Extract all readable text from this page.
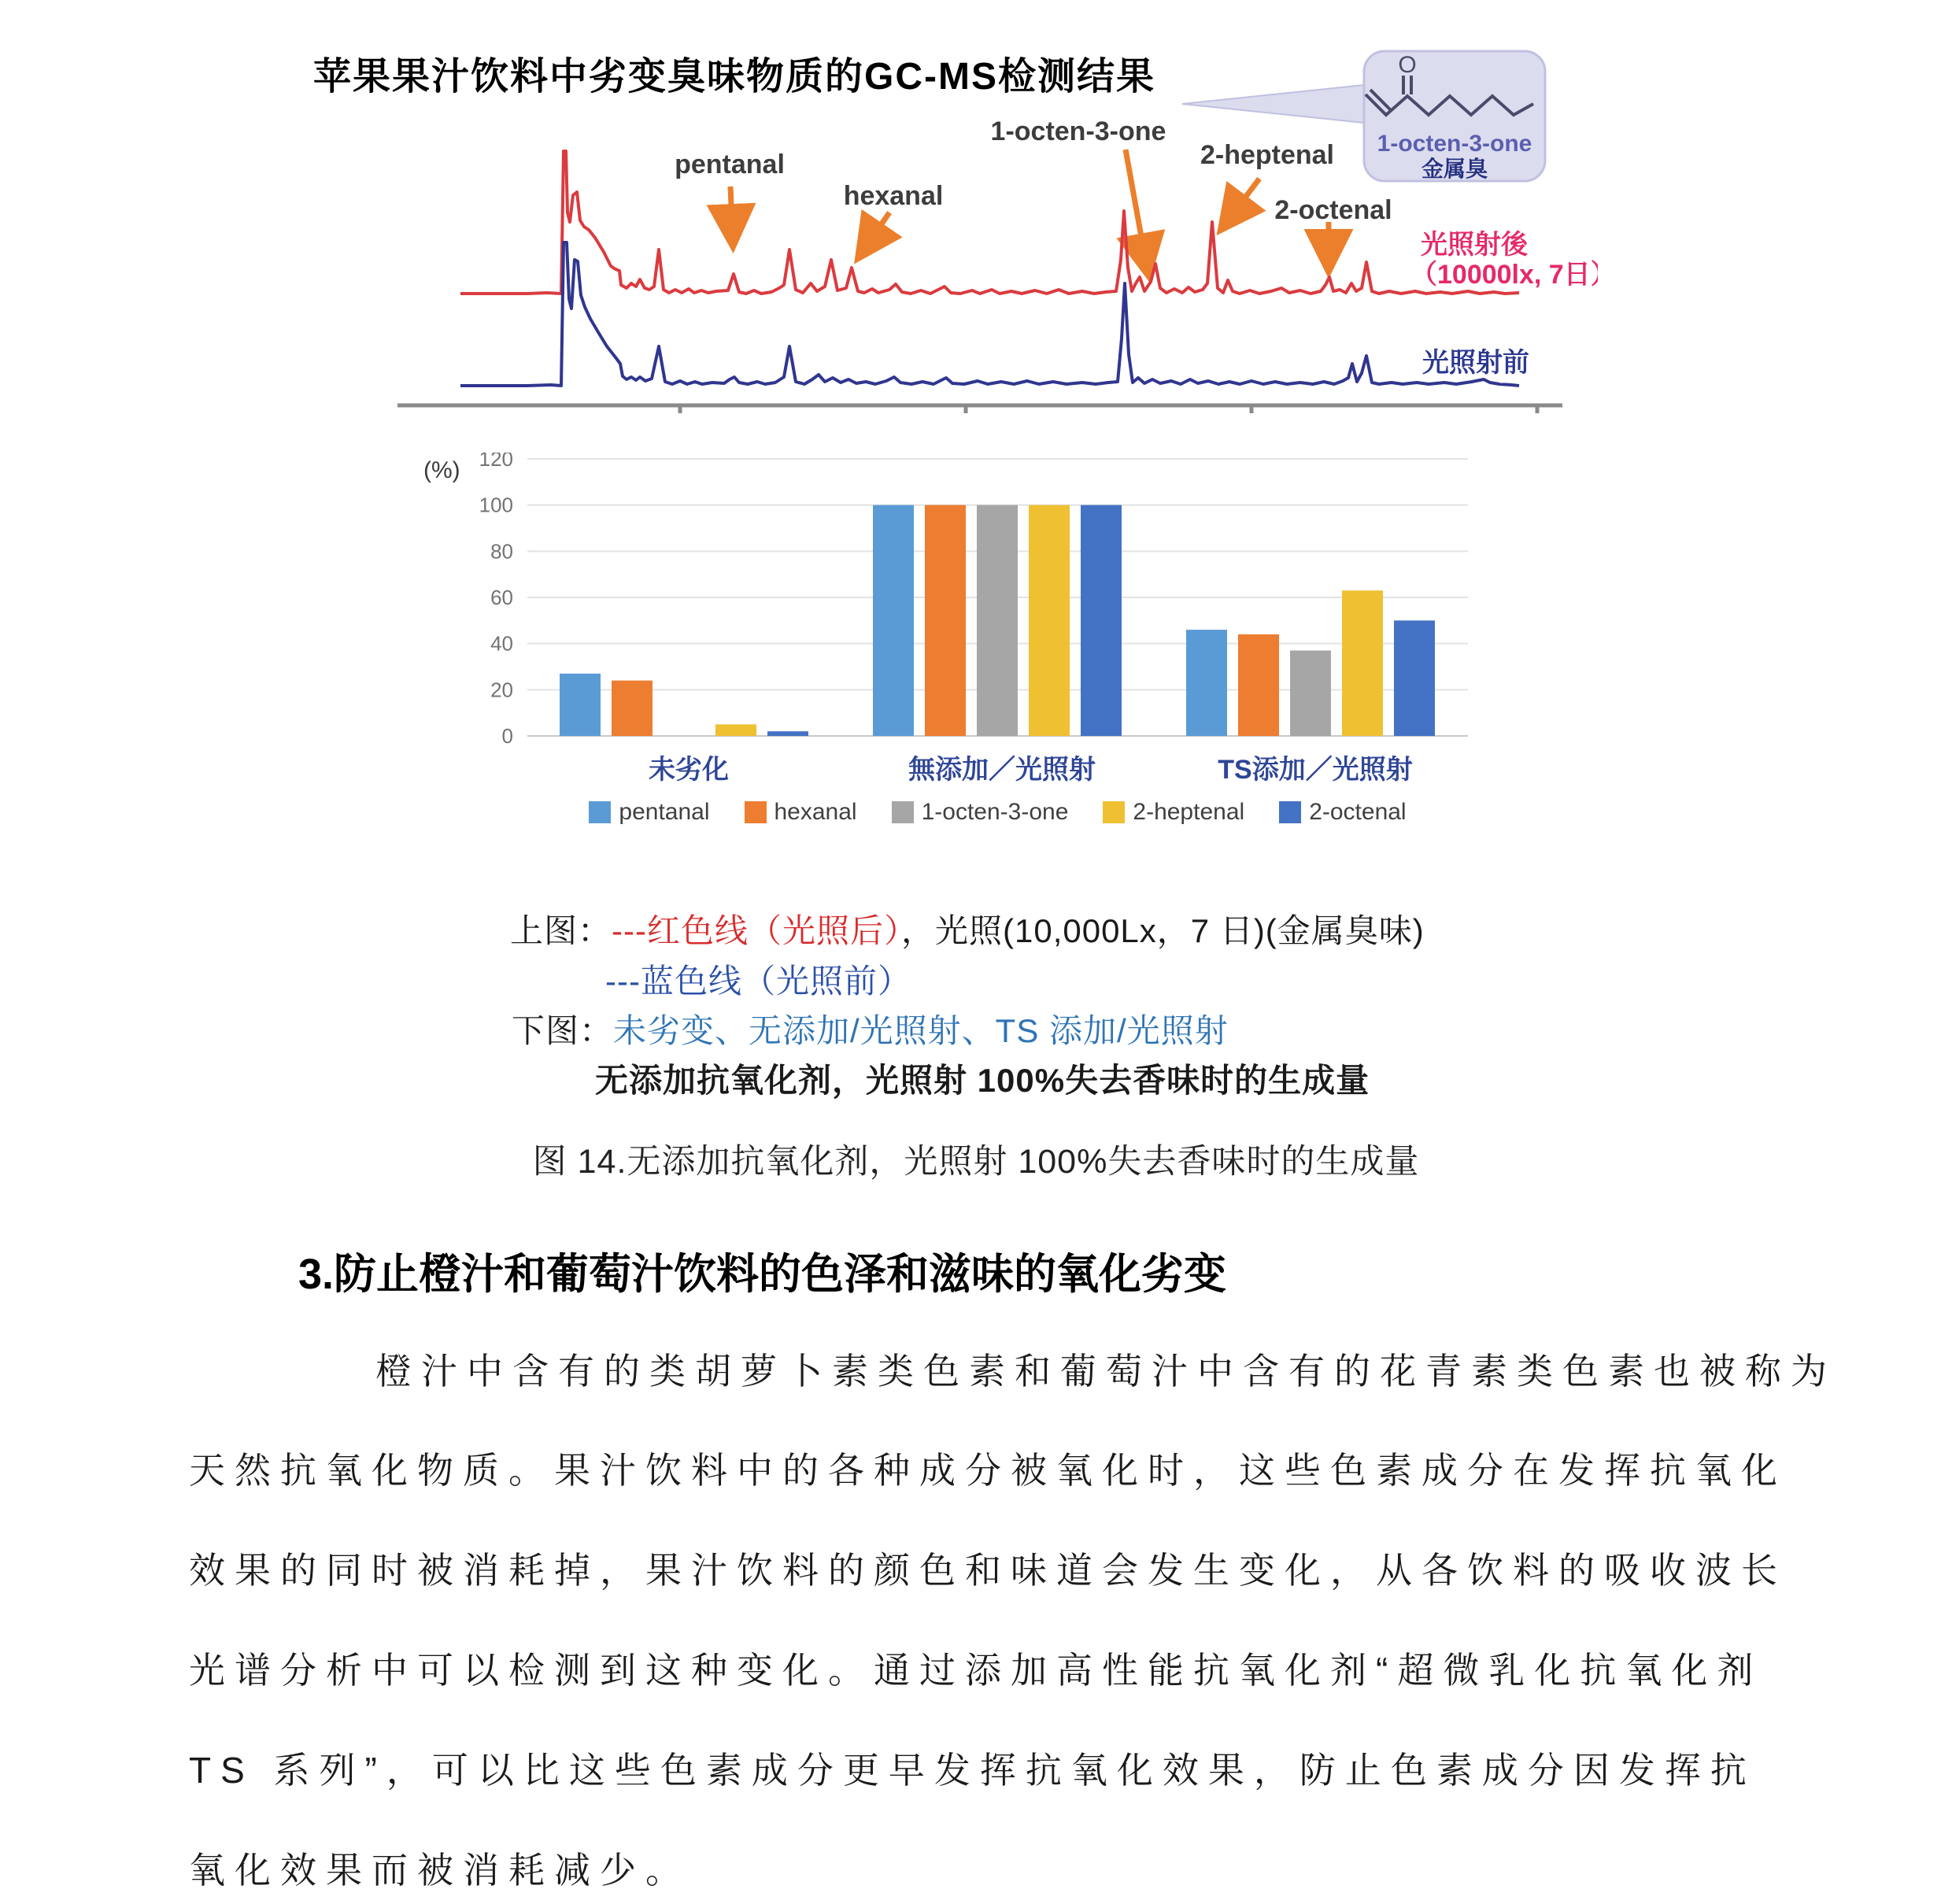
苹果果汁饮料中劣变臭味物质的GC-MS检测结果	O
1-octen-3-one
金属臭
pentanal
hexanal
1-octen-3-one
2-heptenal
2-octenal
光照射後
（10000lx, 7日）
光照射前
(%)
0
20
40
60
80
100
120
未劣化	無添加／光照射	TS添加／光照射
pentanal	hexanal	1-octen-3-one	2-heptenal	2-octenal
上图：---红色线（光照后），光照(10,000Lx，7 日)(金属臭味)
---蓝色线（光照前）
下图：未劣变、无添加/光照射、TS 添加/光照射
无添加抗氧化剂，光照射 100%失去香味时的生成量
图 14.无添加抗氧化剂，光照射 100%失去香味时的生成量
3.防止橙汁和葡萄汁饮料的色泽和滋味的氧化劣变
橙汁中含有的类胡萝卜素类色素和葡萄汁中含有的花青素类色素也被称为
天然抗氧化物质。果汁饮料中的各种成分被氧化时，这些色素成分在发挥抗氧化
效果的同时被消耗掉，果汁饮料的颜色和味道会发生变化，从各饮料的吸收波长
光谱分析中可以检测到这种变化。通过添加高性能抗氧化剂“超微乳化抗氧化剂
TS 系列”，可以比这些色素成分更早发挥抗氧化效果，防止色素成分因发挥抗
氧化效果而被消耗减少。
